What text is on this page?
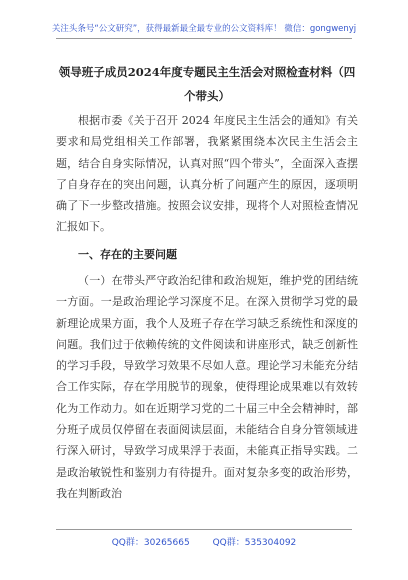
关注头条号“公文研究”，获得最新最全最专业的公文资料库！ 微信：gongwenyj
领导班子成员2024年度专题民主生活会对照检查材料（四个带头）

根据市委《关于召开 2024 年度民主生活会的通知》有关要求和局党组相关工作部署，我紧紧围绕本次民主生活会主题，结合自身实际情况，认真对照“四个带头”，全面深入查摆了自身存在的突出问题，认真分析了问题产生的原因，逐项明确了下一步整改措施。按照会议安排，现将个人对照检查情况汇报如下。

一、存在的主要问题

（一）在带头严守政治纪律和政治规矩，维护党的团结统一方面。一是政治理论学习深度不足。在深入贯彻学习党的最新理论成果方面，我个人及班子存在学习缺乏系统性和深度的问题。我们过于依赖传统的文件阅读和讲座形式，缺乏创新性的学习手段，导致学习效果不尽如人意。理论学习未能充分结合工作实际，存在学用脱节的现象，使得理论成果难以有效转化为工作动力。如在近期学习党的二十届三中全会精神时，部分班子成员仅停留在表面阅读层面，未能结合自身分管领域进行深入研讨，导致学习成果浮于表面，未能真正指导实践。二是政治敏锐性和鉴别力有待提升。面对复杂多变的政治形势，我在判断政治

QQ群：30265665	QQ群：535304092
